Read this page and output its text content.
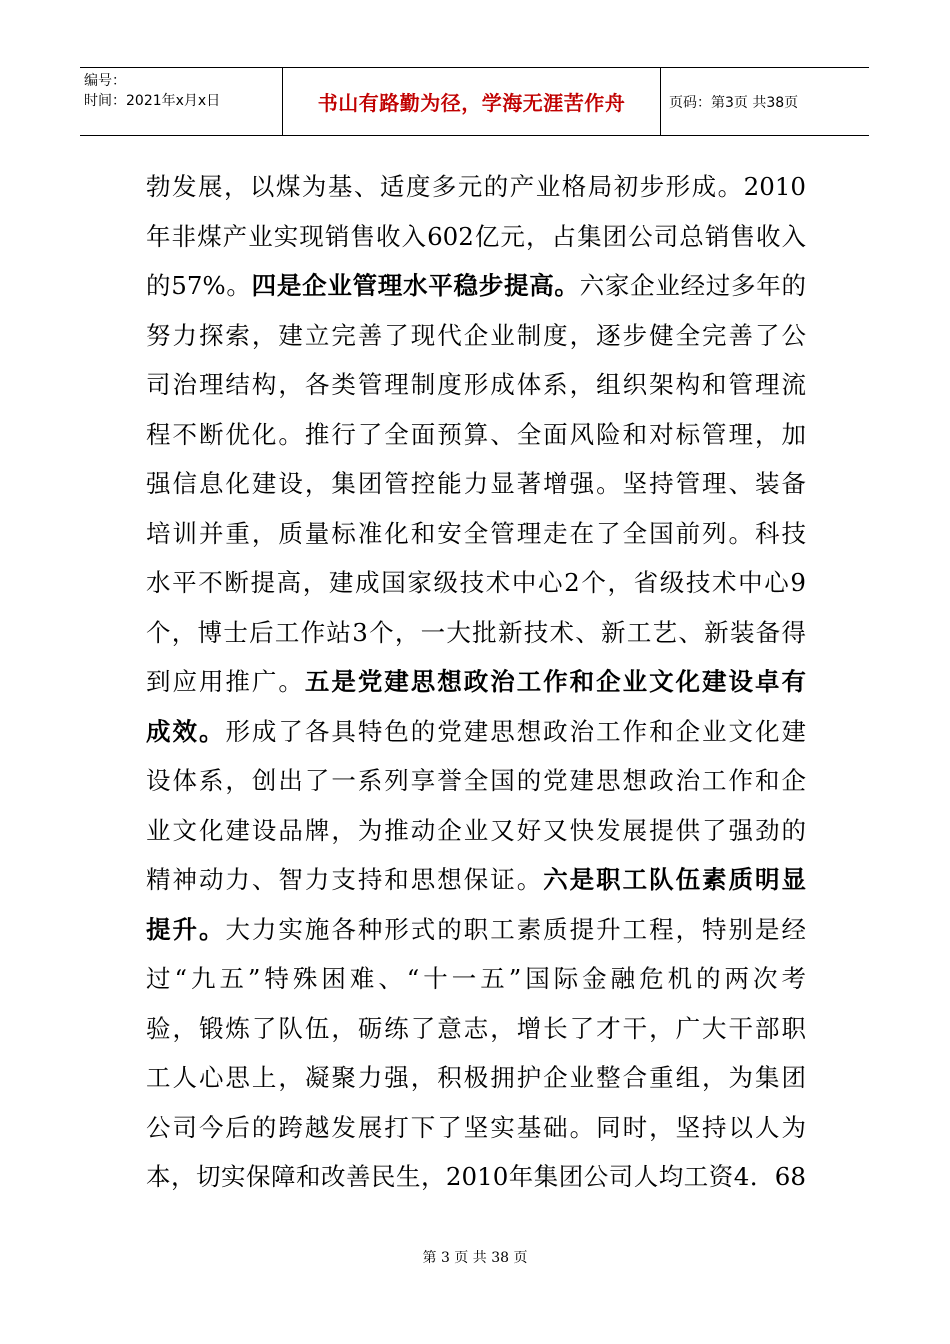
编号：
时间：2021年x月x日	书山有路勤为径，学海无涯苦作舟	页码：第3页 共38页
勃发展，以煤为基、适度多元的产业格局初步形成。2010
年非煤产业实现销售收入602亿元，占集团公司总销售收入
的57%。四是企业管理水平稳步提高。六家企业经过多年的
努力探索，建立完善了现代企业制度，逐步健全完善了公
司治理结构，各类管理制度形成体系，组织架构和管理流
程不断优化。推行了全面预算、全面风险和对标管理，加
强信息化建设，集团管控能力显著增强。坚持管理、装备
培训并重，质量标准化和安全管理走在了全国前列。科技
水平不断提高，建成国家级技术中心2个，省级技术中心9
个，博士后工作站3个，一大批新技术、新工艺、新装备得
到应用推广。五是党建思想政治工作和企业文化建设卓有
成效。形成了各具特色的党建思想政治工作和企业文化建
设体系，创出了一系列享誉全国的党建思想政治工作和企
业文化建设品牌，为推动企业又好又快发展提供了强劲的
精神动力、智力支持和思想保证。六是职工队伍素质明显
提升。大力实施各种形式的职工素质提升工程，特别是经
过“九五”特殊困难、“十一五”国际金融危机的两次考
验，锻炼了队伍，砺练了意志，增长了才干，广大干部职
工人心思上，凝聚力强，积极拥护企业整合重组，为集团
公司今后的跨越发展打下了坚实基础。同时，坚持以人为
本，切实保障和改善民生，2010年集团公司人均工资4．68
第 3 页 共 38 页
